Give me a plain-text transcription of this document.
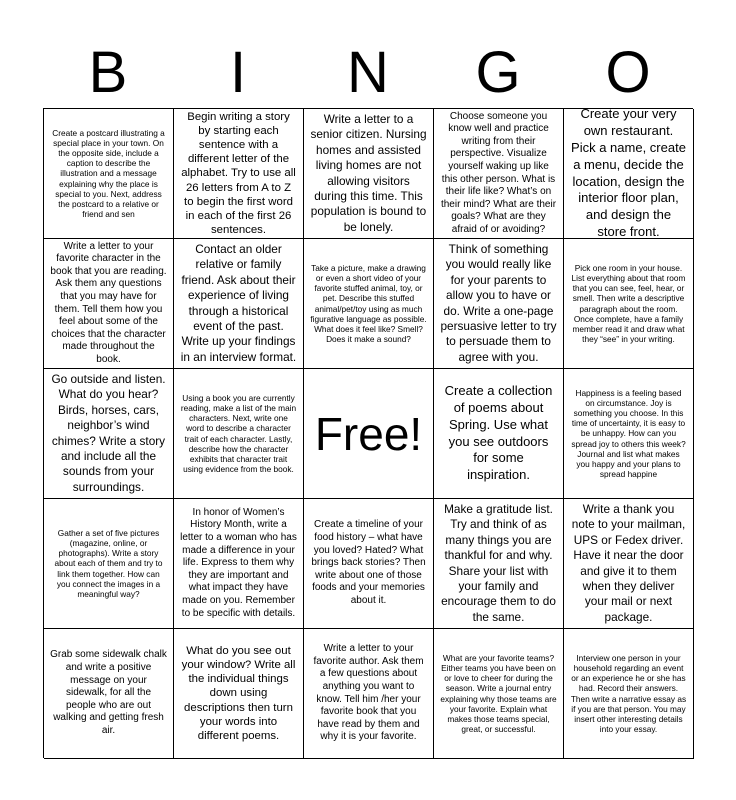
B	I	N	G	O
Create a postcard illustrating a special place in your town. On the opposite side, include a caption to describe the illustration and a message explaining why the place is special to you. Next, address the postcard to a relative or friend and sen
Begin writing a story by starting each sentence with a different letter of the alphabet. Try to use all 26 letters from A to Z to begin the first word in each of the first 26 sentences.
Write a letter to a senior citizen. Nursing homes and assisted living homes are not allowing visitors during this time. This population is bound to be lonely.
Choose someone you know well and practice writing from their perspective. Visualize yourself waking up like this other person. What is their life like? What’s on their mind? What are their goals? What are they afraid of or avoiding?
Create your very own restaurant. Pick a name, create a menu, decide the location, design the interior floor plan, and design the store front.
Write a letter to your favorite character in the book that you are reading. Ask them any questions that you may have for them. Tell them how you feel about some of the choices that the character made throughout the book.
Contact an older relative or family friend. Ask about their experience of living through a historical event of the past. Write up your findings in an interview format.
Take a picture, make a drawing or even a short video of your favorite stuffed animal, toy, or pet. Describe this stuffed animal/pet/toy using as much figurative language as possible. What does it feel like? Smell? Does it make a sound?
Think of something you would really like for your parents to allow you to have or do. Write a one-page persuasive letter to try to persuade them to agree with you.
Pick one room in your house. List everything about that room that you can see, feel, hear, or smell. Then write a descriptive paragraph about the room. Once complete, have a family member read it and draw what they “see” in your writing.
Go outside and listen. What do you hear? Birds, horses, cars, neighbor’s wind chimes? Write a story and include all the sounds from your surroundings.
Using a book you are currently reading, make a list of the main characters. Next, write one word to describe a character trait of each character. Lastly, describe how the character exhibits that character trait using evidence from the book.
Free!
Create a collection of poems about Spring. Use what you see outdoors for some inspiration.
Happiness is a feeling based on circumstance. Joy is something you choose. In this time of uncertainty, it is easy to be unhappy. How can you spread joy to others this week? Journal and list what makes you happy and your plans to spread happine
Gather a set of five pictures (magazine, online, or photographs). Write a story about each of them and try to link them together. How can you connect the images in a meaningful way?
In honor of Women’s History Month, write a letter to a woman who has made a difference in your life. Express to them why they are important and what impact they have made on you. Remember to be specific with details.
Create a timeline of your food history – what have you loved? Hated? What brings back stories? Then write about one of those foods and your memories about it.
Make a gratitude list. Try and think of as many things you are thankful for and why. Share your list with your family and encourage them to do the same.
Write a thank you note to your mailman, UPS or Fedex driver. Have it near the door and give it to them when they deliver your mail or next package.
Grab some sidewalk chalk and write a positive message on your sidewalk, for all the people who are out walking and getting fresh air.
What do you see out your window? Write all the individual things down using descriptions then turn your words into different poems.
Write a letter to your favorite author. Ask them a few questions about anything you want to know. Tell him /her your favorite book that you have read by them and why it is your favorite.
What are your favorite teams? Either teams you have been on or love to cheer for during the season. Write a journal entry explaining why those teams are your favorite. Explain what makes those teams special, great, or successful.
Interview one person in your household regarding an event or an experience he or she has had. Record their answers. Then write a narrative essay as if you are that person. You may insert other interesting details into your essay.
